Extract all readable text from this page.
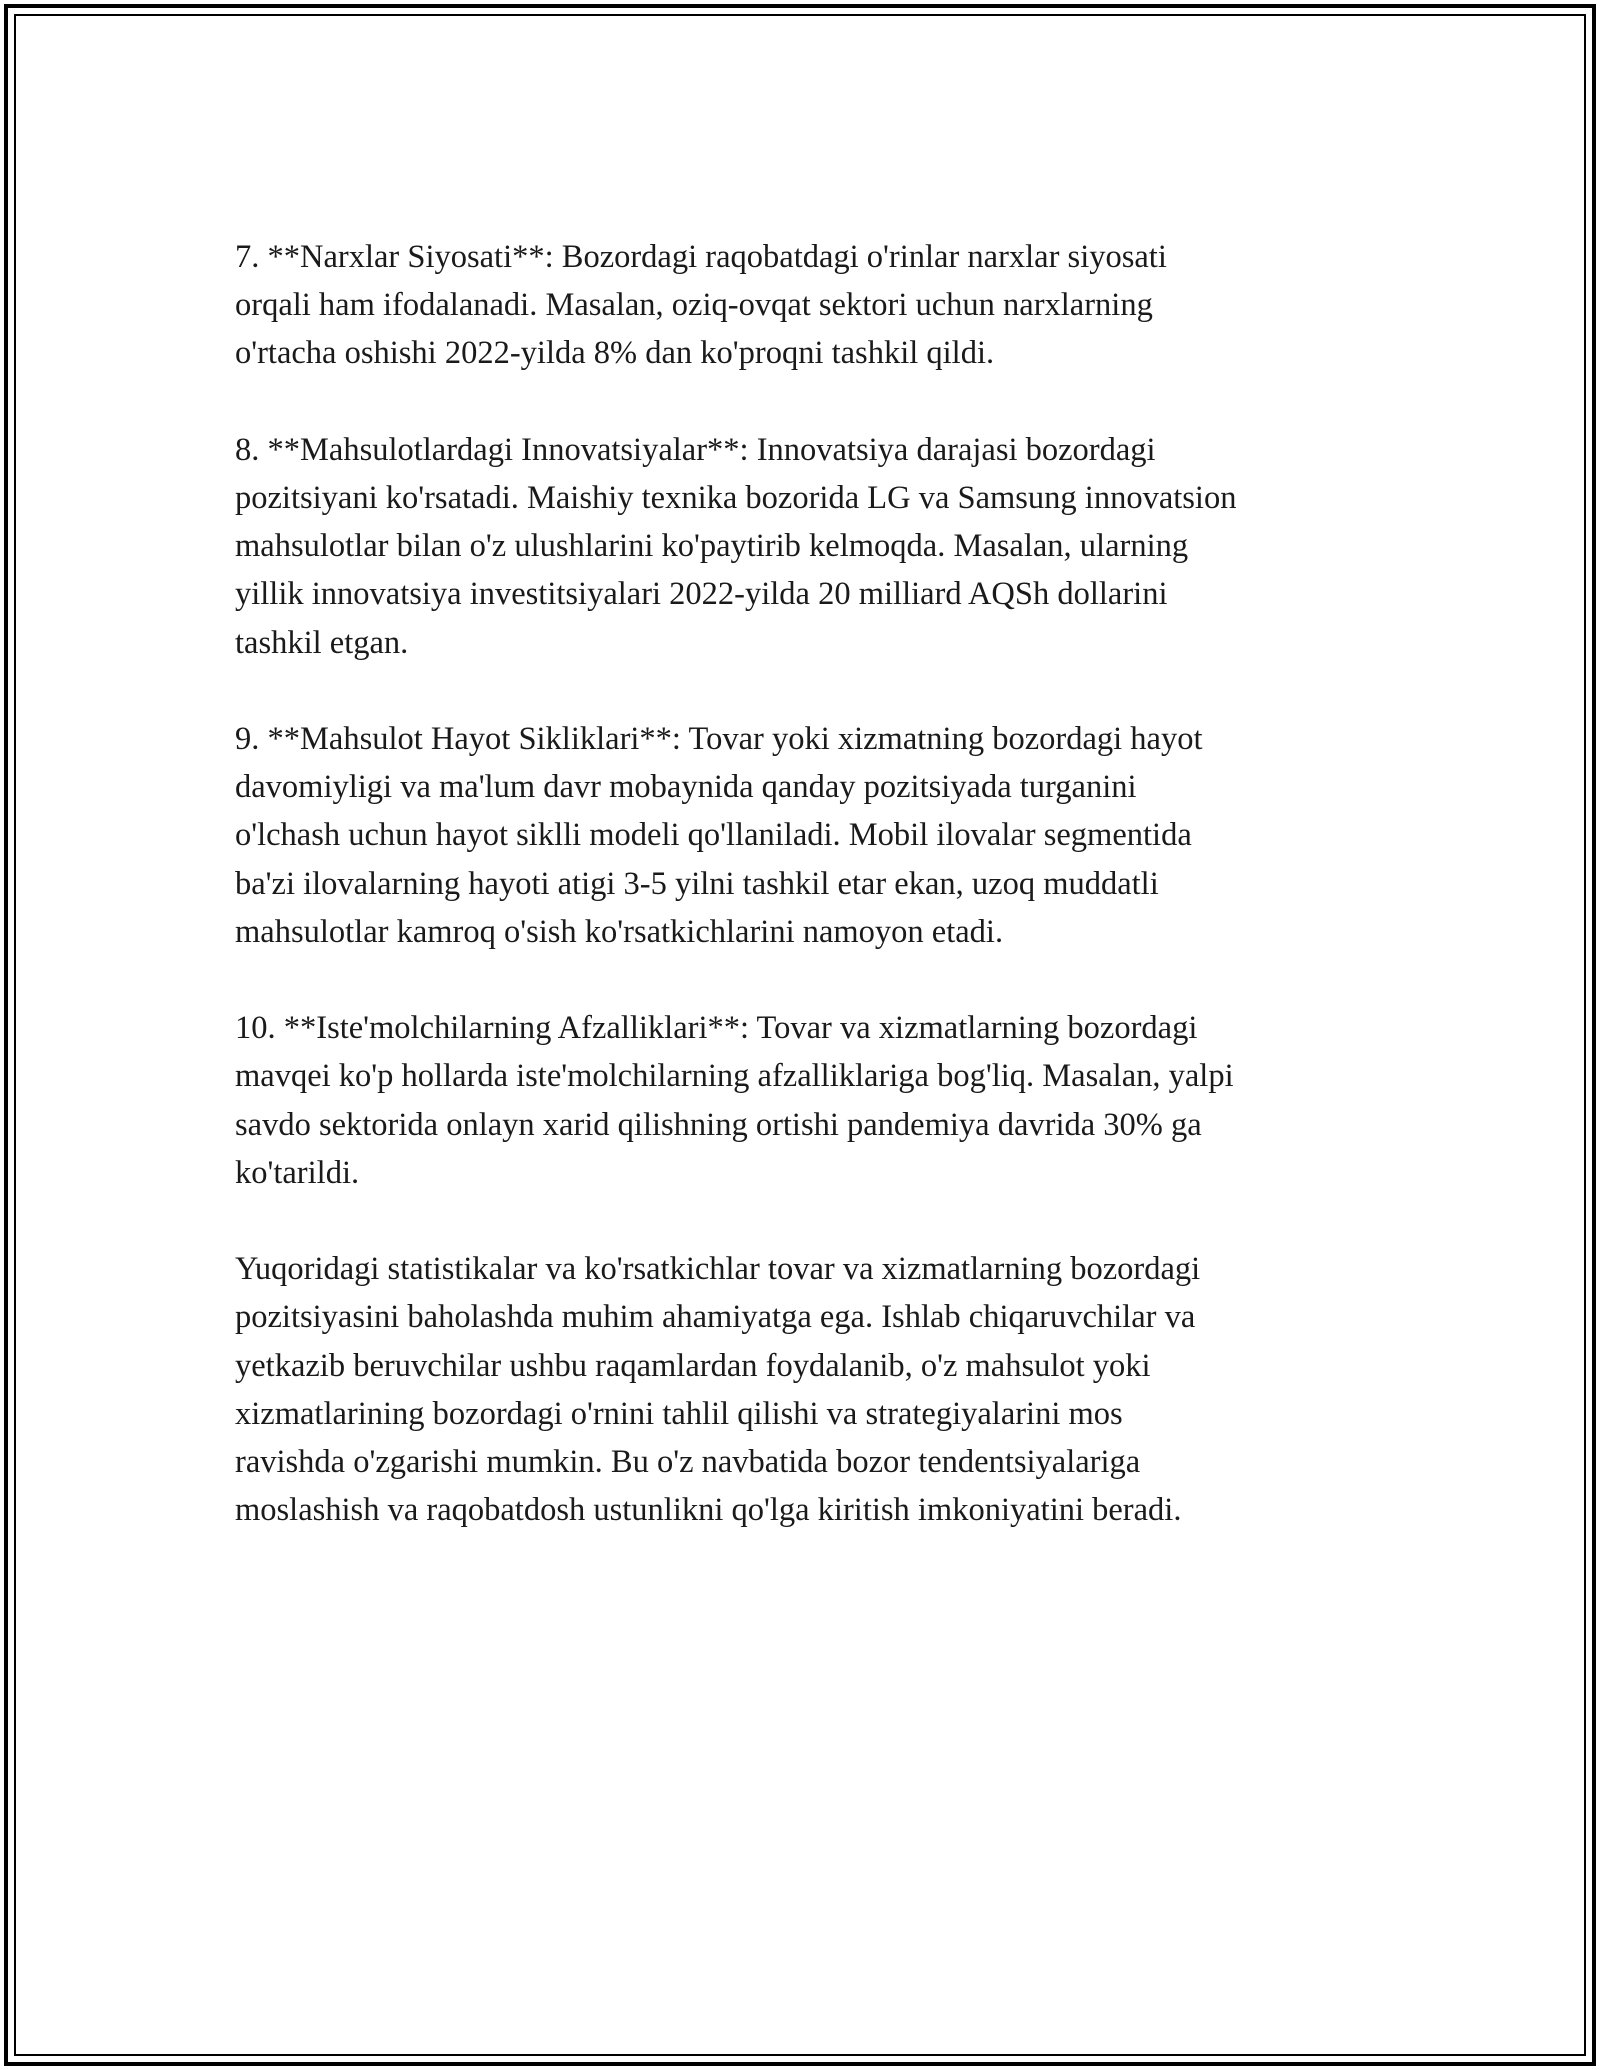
7. **Narxlar Siyosati**: Bozordagi raqobatdagi o'rinlar narxlar siyosati
orqali ham ifodalanadi. Masalan, oziq-ovqat sektori uchun narxlarning
o'rtacha oshishi 2022-yilda 8% dan ko'proqni tashkil qildi.

8. **Mahsulotlardagi Innovatsiyalar**: Innovatsiya darajasi bozordagi
pozitsiyani ko'rsatadi. Maishiy texnika bozorida LG va Samsung innovatsion
mahsulotlar bilan o'z ulushlarini ko'paytirib kelmoqda. Masalan, ularning
yillik innovatsiya investitsiyalari 2022-yilda 20 milliard AQSh dollarini
tashkil etgan.

9. **Mahsulot Hayot Sikliklari**: Tovar yoki xizmatning bozordagi hayot
davomiyligi va ma'lum davr mobaynida qanday pozitsiyada turganini
o'lchash uchun hayot siklli modeli qo'llaniladi. Mobil ilovalar segmentida
ba'zi ilovalarning hayoti atigi 3-5 yilni tashkil etar ekan, uzoq muddatli
mahsulotlar kamroq o'sish ko'rsatkichlarini namoyon etadi.

10. **Iste'molchilarning Afzalliklari**: Tovar va xizmatlarning bozordagi
mavqei ko'p hollarda iste'molchilarning afzalliklariga bog'liq. Masalan, yalpi
savdo sektorida onlayn xarid qilishning ortishi pandemiya davrida 30% ga
ko'tarildi.

Yuqoridagi statistikalar va ko'rsatkichlar tovar va xizmatlarning bozordagi
pozitsiyasini baholashda muhim ahamiyatga ega. Ishlab chiqaruvchilar va
yetkazib beruvchilar ushbu raqamlardan foydalanib, o'z mahsulot yoki
xizmatlarining bozordagi o'rnini tahlil qilishi va strategiyalarini mos
ravishda o'zgarishi mumkin. Bu o'z navbatida bozor tendentsiyalariga
moslashish va raqobatdosh ustunlikni qo'lga kiritish imkoniyatini beradi.
